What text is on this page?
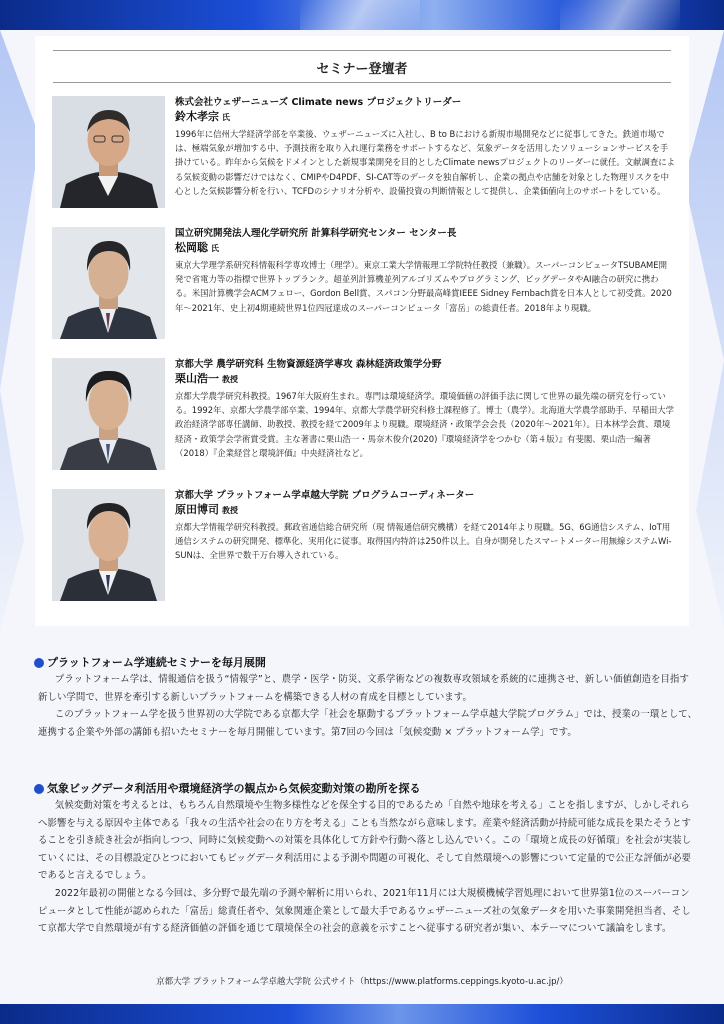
セミナー登壇者
株式会社ウェザーニューズ Climate news プロジェクトリーダー
鈴木孝宗 氏
1996年に信州大学経済学部を卒業後、ウェザーニューズに入社し、B to Bにおける新規市場開発などに従事してきた。鉄道市場では、極端気象が増加する中、予測技術を取り入れ運行業務をサポートするなど、気象データを活用したソリューションサービスを手掛けている。昨年から気候をドメインとした新規事業開発を目的としたClimate newsプロジェクトのリーダーに就任。文献調査による気候変動の影響だけではなく、CMIPやD4PDF、SI-CAT等のデータを独自解析し、企業の拠点や店舗を対象とした物理リスクを中心とした気候影響分析を行い、TCFDのシナリオ分析や、設備投資の判断情報として提供し、企業価値向上のサポートをしている。
国立研究開発法人理化学研究所 計算科学研究センター センター長
松岡聡 氏
東京大学理学系研究科情報科学専攻博士（理学）。東京工業大学情報理工学院特任教授（兼職）。スーパーコンピュータTSUBAME開発で省電力等の指標で世界トップランク。超並列計算機並列アルゴリズムやプログラミング、ビッグデータやAI融合の研究に携わる。米国計算機学会ACMフェロー、Gordon Bell賞、スパコン分野最高峰賞IEEE Sidney Fernbach賞を日本人として初受賞。2020年～2021年、史上初4期連続世界1位四冠達成のスーパーコンピュータ「富岳」の総責任者。2018年より現職。
京都大学 農学研究科 生物資源経済学専攻 森林経済政策学分野
栗山浩一 教授
京都大学農学研究科教授。1967年大阪府生まれ。専門は環境経済学。環境価値の評価手法に関して世界の最先端の研究を行っている。1992年、京都大学農学部卒業、1994年、京都大学農学研究科修士課程修了。博士（農学）。北海道大学農学部助手、早稲田大学政治経済学部専任講師、助教授、教授を経て2009年より現職。環境経済・政策学会会長（2020年～2021年）。日本林学会賞、環境経済・政策学会学術賞受賞。主な著書に栗山浩一・馬奈木俊介(2020)『環境経済学をつかむ（第４版）』有斐閣、栗山浩一編著（2018）『企業経営と環境評価』中央経済社など。
京都大学 プラットフォーム学卓越大学院 プログラムコーディネーター
原田博司 教授
京都大学情報学研究科教授。郵政省通信総合研究所（現 情報通信研究機構）を経て2014年より現職。5G、6G通信システム、IoT用通信システムの研究開発、標準化、実用化に従事。取得国内特許は250件以上。自身が開発したスマートメーター用無線システムWi-SUNは、全世界で数千万台導入されている。
プラットフォーム学連続セミナーを毎月展開

プラットフォーム学は、情報通信を扱う“情報学”と、農学・医学・防災、文系学術などの複数専攻領域を系統的に連携させ、新しい価値創造を目指す新しい学問で、世界を牽引する新しいプラットフォームを構築できる人材の育成を目標としています。

このプラットフォーム学を扱う世界初の大学院である京都大学「社会を駆動するプラットフォーム学卓越大学院プログラム」では、授業の一環として、連携する企業や外部の講師も招いたセミナーを毎月開催しています。第7回の今回は「気候変動 × プラットフォーム学」です。

気象ビッグデータ利活用や環境経済学の観点から気候変動対策の勘所を探る

気候変動対策を考えるとは、もちろん自然環境や生物多様性などを保全する目的であるため「自然や地球を考える」ことを指しますが、しかしそれらへ影響を与える原因や主体である「我々の生活や社会の在り方を考える」ことも当然ながら意味します。産業や経済活動が持続可能な成長を果たそうとすることを引き続き社会が指向しつつ、同時に気候変動への対策を具体化して方針や行動へ落とし込んでいく。この「環境と成長の好循環」を社会が実装していくには、その目標設定ひとつにおいてもビッグデータ利活用による予測や問題の可視化、そして自然環境への影響について定量的で公正な評価が必要であると言えるでしょう。

2022年最初の開催となる今回は、多分野で最先端の予測や解析に用いられ、2021年11月には大規模機械学習処理において世界第1位のスーパーコンピュータとして性能が認められた「富岳」総責任者や、気象関連企業として最大手であるウェザーニューズ社の気象データを用いた事業開発担当者、そして京都大学で自然環境が有する経済価値の評価を通じて環境保全の社会的意義を示すことへ従事する研究者が集い、本テーマについて議論をします。

京都大学 プラットフォーム学卓越大学院 公式サイト（https://www.platforms.ceppings.kyoto-u.ac.jp/）
